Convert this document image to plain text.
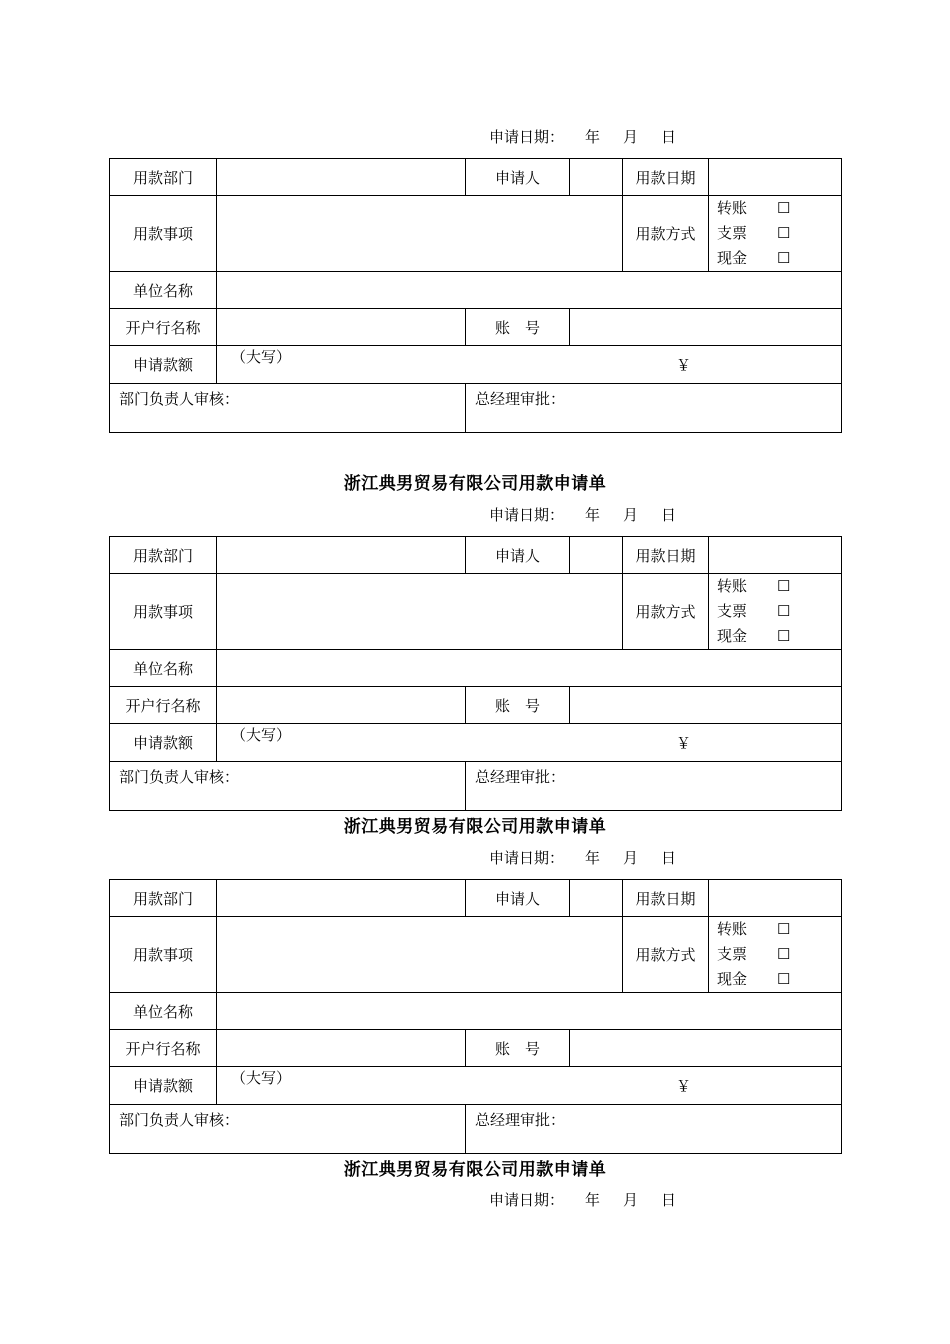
申请日期： 年 月 日
用款部门		申请人		用款日期	
用款事项				用款方式	转账 ☐
支票 ☐
现金 ☐

单位名称					
开户行名称		账　号			
申请款额	（大写） ￥				

部门负责人审核：		总经理审批：			
浙江典男贸易有限公司用款申请单
申请日期： 年 月 日
用款部门		申请人		用款日期	
用款事项				用款方式	转账 ☐
支票 ☐
现金 ☐

单位名称					
开户行名称		账　号			
申请款额	（大写） ￥				

部门负责人审核：		总经理审批：			
浙江典男贸易有限公司用款申请单
申请日期： 年 月 日
用款部门		申请人		用款日期	
用款事项				用款方式	转账 ☐
支票 ☐
现金 ☐

单位名称					
开户行名称		账　号			
申请款额	（大写） ￥				

部门负责人审核：		总经理审批：			
浙江典男贸易有限公司用款申请单
申请日期： 年 月 日
